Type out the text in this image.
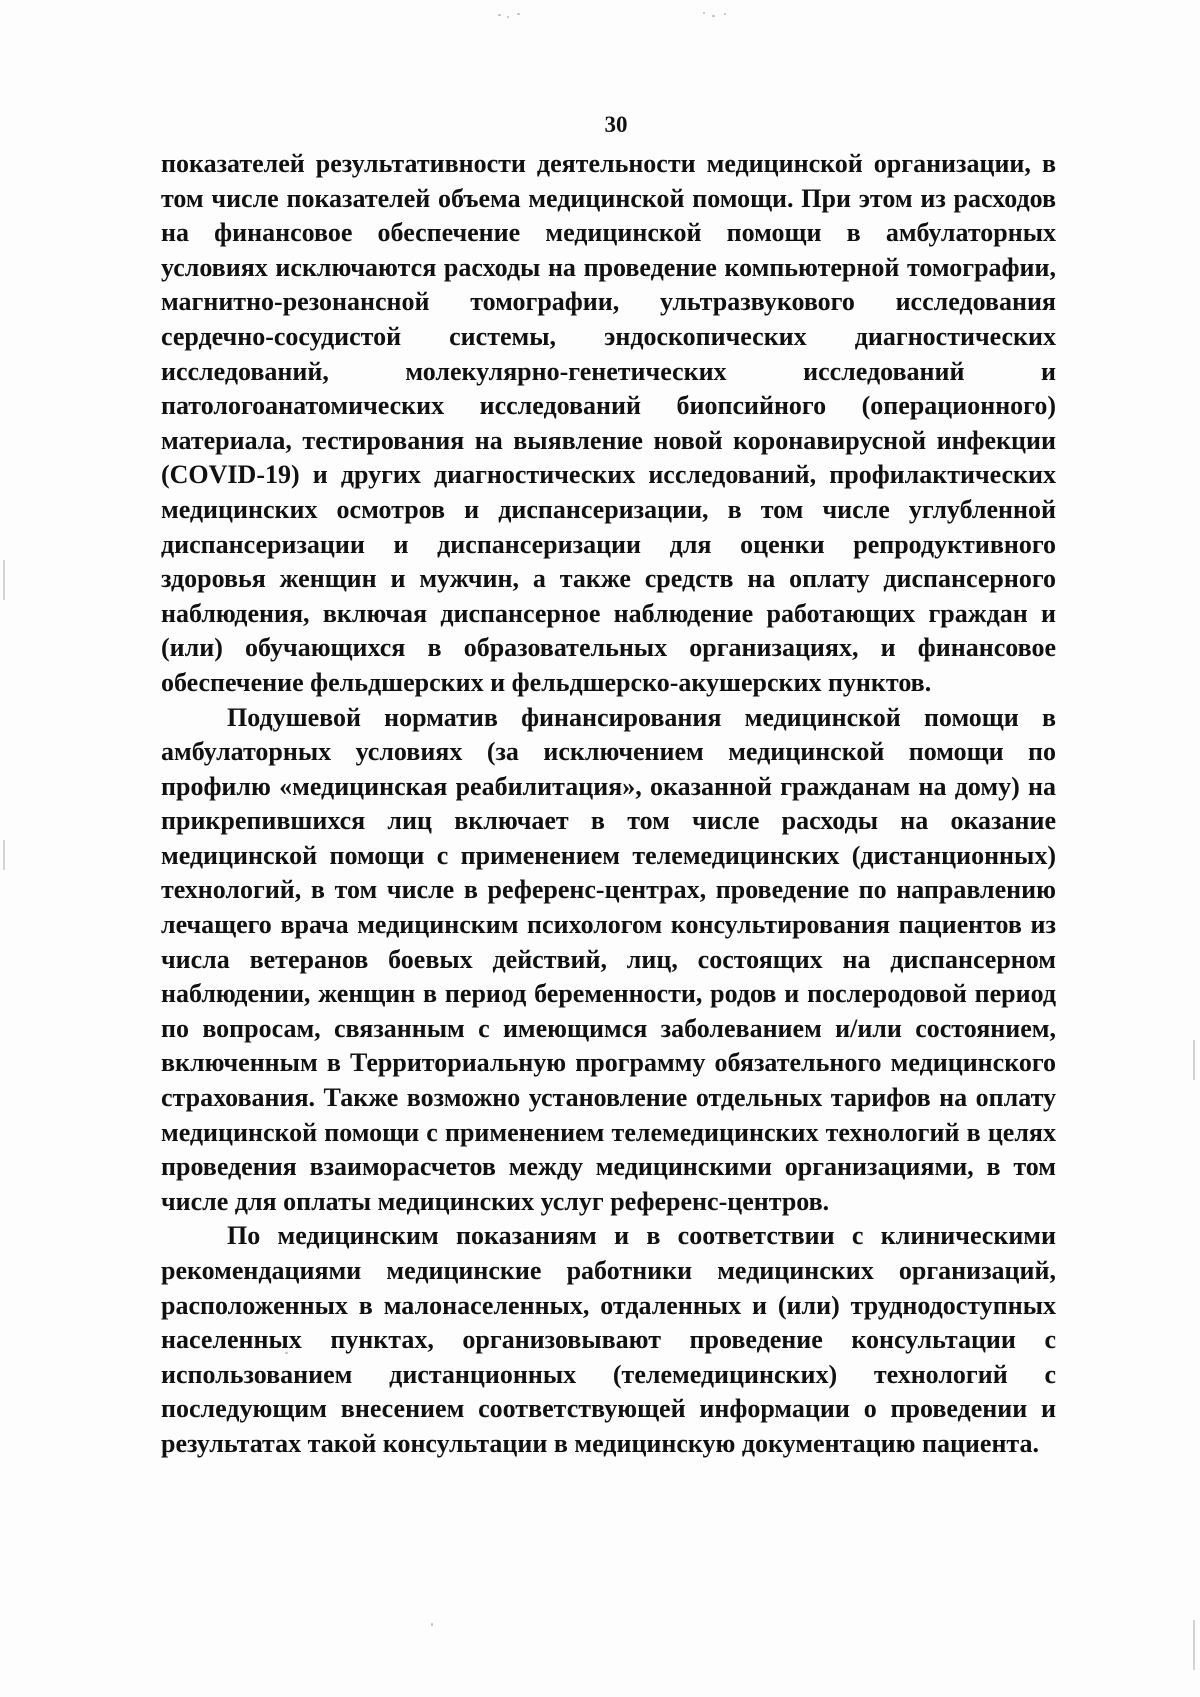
30

показателей результативности деятельности медицинской организации, в том числе показателей объема медицинской помощи. При этом из расходов на финансовое обеспечение медицинской помощи в амбулаторных условиях исключаются расходы на проведение компьютерной томографии, магнитно-резонансной томографии, ультразвукового исследования сердечно-сосудистой системы, эндоскопических диагностических исследований, молекулярно-генетических исследований и патологоанатомических исследований биопсийного (операционного) материала, тестирования на выявление новой коронавирусной инфекции (COVID-19) и других диагностических исследований, профилактических медицинских осмотров и диспансеризации, в том числе углубленной диспансеризации и диспансеризации для оценки репродуктивного здоровья женщин и мужчин, а также средств на оплату диспансерного наблюдения, включая диспансерное наблюдение работающих граждан и (или) обучающихся в образовательных организациях, и финансовое обеспечение фельдшерских и фельдшерско-акушерских пунктов.

Подушевой норматив финансирования медицинской помощи в амбулаторных условиях (за исключением медицинской помощи по профилю «медицинская реабилитация», оказанной гражданам на дому) на прикрепившихся лиц включает в том числе расходы на оказание медицинской помощи с применением телемедицинских (дистанционных) технологий, в том числе в референс-центрах, проведение по направлению лечащего врача медицинским психологом консультирования пациентов из числа ветеранов боевых действий, лиц, состоящих на диспансерном наблюдении, женщин в период беременности, родов и послеродовой период по вопросам, связанным с имеющимся заболеванием и/или состоянием, включенным в Территориальную программу обязательного медицинского страхования. Также возможно установление отдельных тарифов на оплату медицинской помощи с применением телемедицинских технологий в целях проведения взаиморасчетов между медицинскими организациями, в том числе для оплаты медицинских услуг референс-центров.

По медицинским показаниям и в соответствии с клиническими рекомендациями медицинские работники медицинских организаций, расположенных в малонаселенных, отдаленных и (или) труднодоступных населенных пунктах, организовывают проведение консультации с использованием дистанционных (телемедицинских) технологий с последующим внесением соответствующей информации о проведении и результатах такой консультации в медицинскую документацию пациента.
